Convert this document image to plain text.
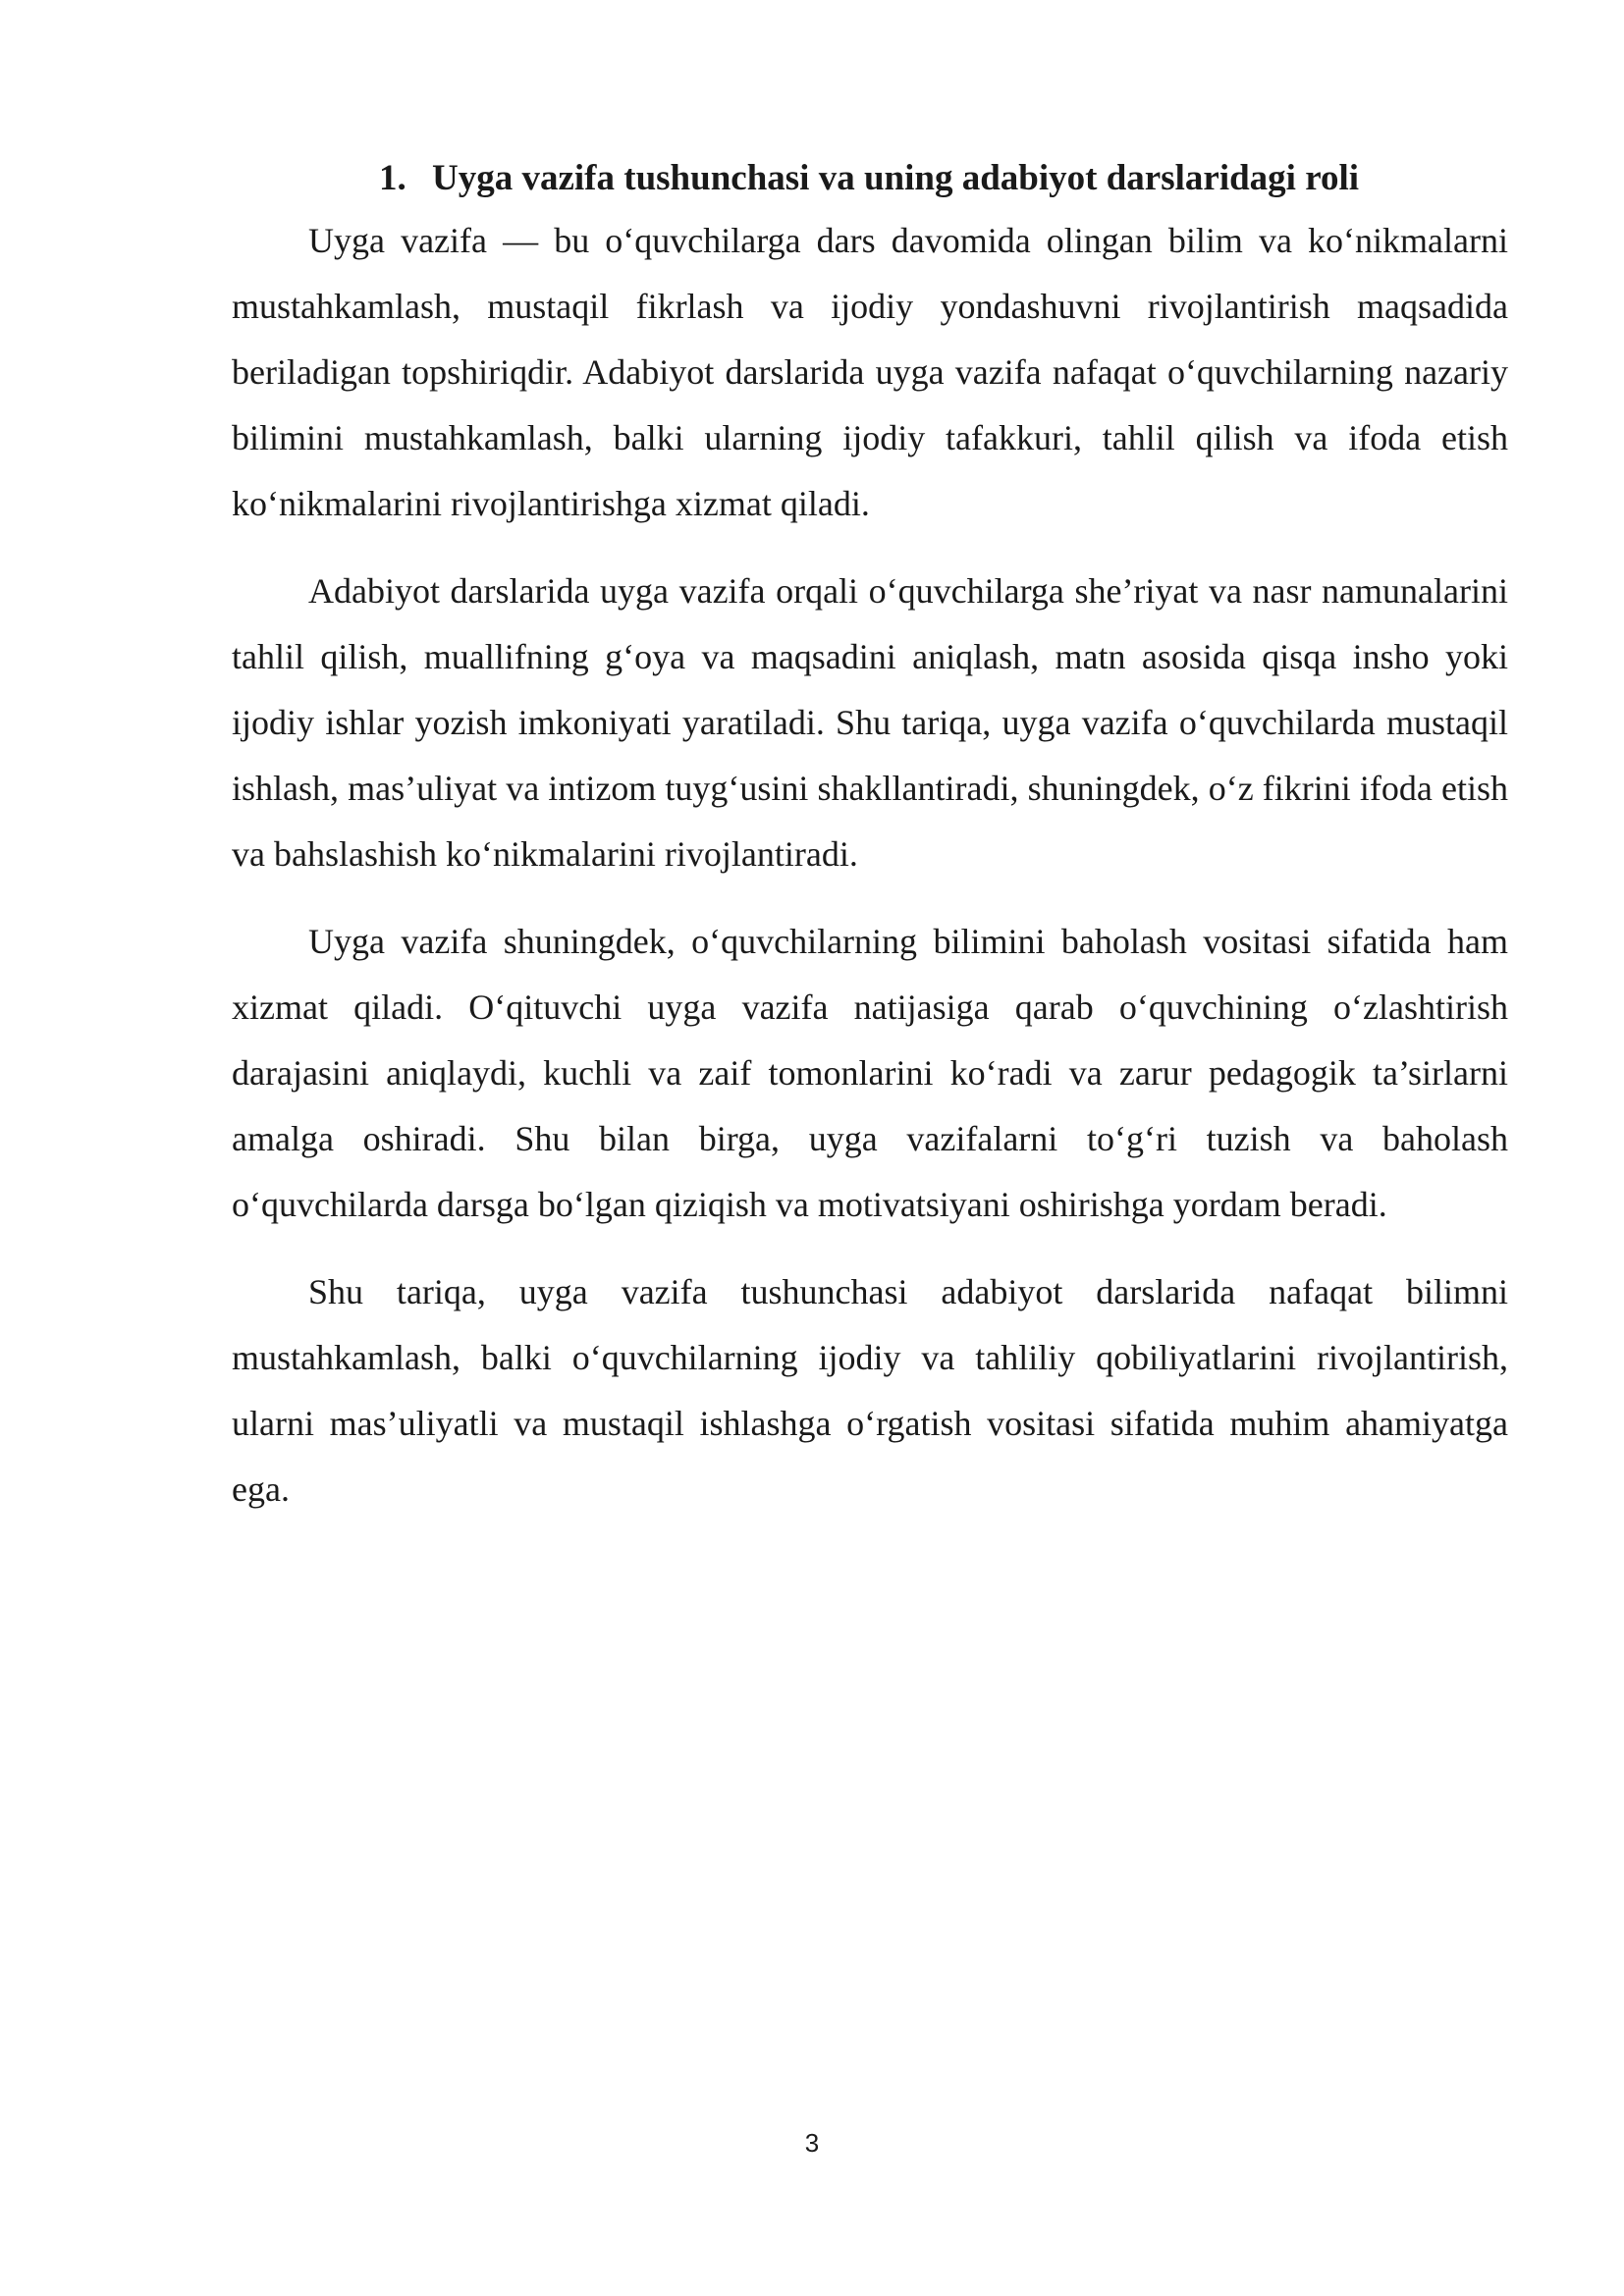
1. Uyga vazifa tushunchasi va uning adabiyot darslaridagi roli

Uyga vazifa — bu o‘quvchilarga dars davomida olingan bilim va ko‘nikmalarni mustahkamlash, mustaqil fikrlash va ijodiy yondashuvni rivojlantirish maqsadida beriladigan topshiriqdir. Adabiyot darslarida uyga vazifa nafaqat o‘quvchilarning nazariy bilimini mustahkamlash, balki ularning ijodiy tafakkuri, tahlil qilish va ifoda etish ko‘nikmalarini rivojlantirishga xizmat qiladi.

Adabiyot darslarida uyga vazifa orqali o‘quvchilarga she’riyat va nasr namunalarini tahlil qilish, muallifning g‘oya va maqsadini aniqlash, matn asosida qisqa insho yoki ijodiy ishlar yozish imkoniyati yaratiladi. Shu tariqa, uyga vazifa o‘quvchilarda mustaqil ishlash, mas’uliyat va intizom tuyg‘usini shakllantiradi, shuningdek, o‘z fikrini ifoda etish va bahslashish ko‘nikmalarini rivojlantiradi.

Uyga vazifa shuningdek, o‘quvchilarning bilimini baholash vositasi sifatida ham xizmat qiladi. O‘qituvchi uyga vazifa natijasiga qarab o‘quvchining o‘zlashtirish darajasini aniqlaydi, kuchli va zaif tomonlarini ko‘radi va zarur pedagogik ta’sirlarni amalga oshiradi. Shu bilan birga, uyga vazifalarni to‘g‘ri tuzish va baholash o‘quvchilarda darsga bo‘lgan qiziqish va motivatsiyani oshirishga yordam beradi.

Shu tariqa, uyga vazifa tushunchasi adabiyot darslarida nafaqat bilimni mustahkamlash, balki o‘quvchilarning ijodiy va tahliliy qobiliyatlarini rivojlantirish, ularni mas’uliyatli va mustaqil ishlashga o‘rgatish vositasi sifatida muhim ahamiyatga ega.

3
